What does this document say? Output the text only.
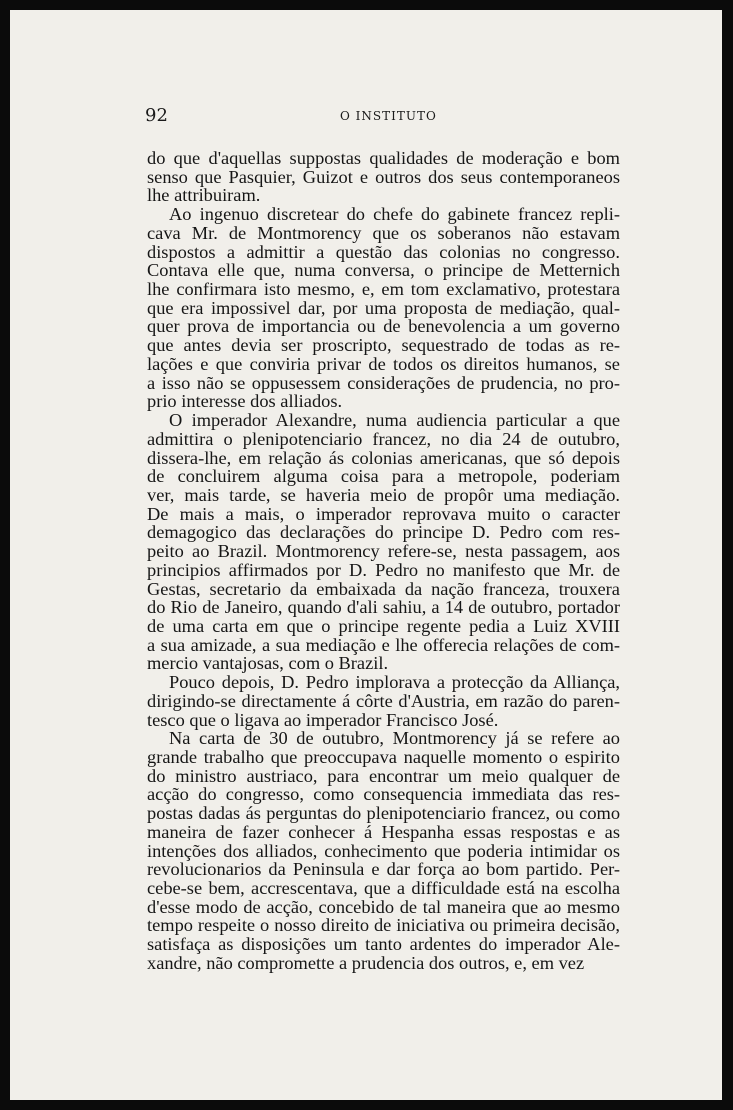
92	O INSTITUTO
do que d'aquellas suppostas qualidades de moderação e bom
senso que Pasquier, Guizot e outros dos seus contemporaneos
lhe attribuiram.
Ao ingenuo discretear do chefe do gabinete francez repli-
cava Mr. de Montmorency que os soberanos não estavam
dispostos a admittir a questão das colonias no congresso.
Contava elle que, numa conversa, o principe de Metternich
lhe confirmara isto mesmo, e, em tom exclamativo, protestara
que era impossivel dar, por uma proposta de mediação, qual-
quer prova de importancia ou de benevolencia a um governo
que antes devia ser proscripto, sequestrado de todas as re-
lações e que conviria privar de todos os direitos humanos, se
a isso não se oppusessem considerações de prudencia, no pro-
prio interesse dos alliados.
O imperador Alexandre, numa audiencia particular a que
admittira o plenipotenciario francez, no dia 24 de outubro,
dissera-lhe, em relação ás colonias americanas, que só depois
de concluirem alguma coisa para a metropole, poderiam
ver, mais tarde, se haveria meio de propôr uma mediação.
De mais a mais, o imperador reprovava muito o caracter
demagogico das declarações do principe D. Pedro com res-
peito ao Brazil. Montmorency refere-se, nesta passagem, aos
principios affirmados por D. Pedro no manifesto que Mr. de
Gestas, secretario da embaixada da nação franceza, trouxera
do Rio de Janeiro, quando d'ali sahiu, a 14 de outubro, portador
de uma carta em que o principe regente pedia a Luiz XVIII
a sua amizade, a sua mediação e lhe offerecia relações de com-
mercio vantajosas, com o Brazil.
Pouco depois, D. Pedro implorava a protecção da Alliança,
dirigindo-se directamente á côrte d'Austria, em razão do paren-
tesco que o ligava ao imperador Francisco José.
Na carta de 30 de outubro, Montmorency já se refere ao
grande trabalho que preoccupava naquelle momento o espirito
do ministro austriaco, para encontrar um meio qualquer de
acção do congresso, como consequencia immediata das res-
postas dadas ás perguntas do plenipotenciario francez, ou como
maneira de fazer conhecer á Hespanha essas respostas e as
intenções dos alliados, conhecimento que poderia intimidar os
revolucionarios da Peninsula e dar força ao bom partido. Per-
cebe-se bem, accrescentava, que a difficuldade está na escolha
d'esse modo de acção, concebido de tal maneira que ao mesmo
tempo respeite o nosso direito de iniciativa ou primeira decisão,
satisfaça as disposições um tanto ardentes do imperador Ale-
xandre, não compromette a prudencia dos outros, e, em vez
